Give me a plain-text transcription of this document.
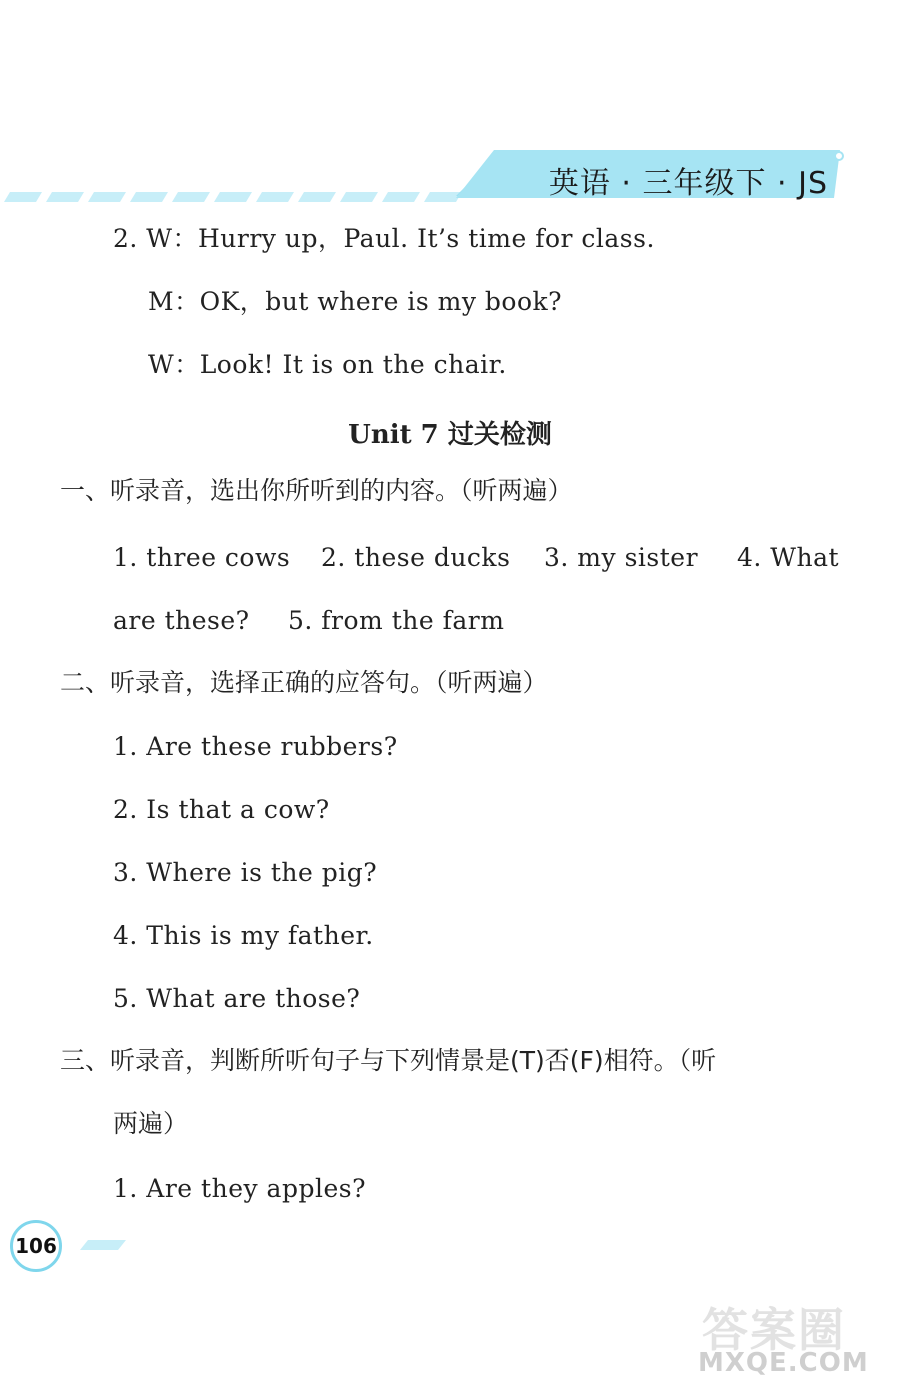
英语 · 三年级下 · JS
2. W：Hurry up，Paul. It’s time for class.
M：OK，but where is my book?
W：Look! It is on the chair.
Unit 7 过关检测
一、听录音，选出你所听到的内容。（听两遍）
1. three cows 2. these ducks 3. my sister 4. What
are these? 5. from the farm
二、听录音，选择正确的应答句。（听两遍）
1. Are these rubbers?
2. Is that a cow?
3. Where is the pig?
4. This is my father.
5. What are those?
三、听录音，判断所听句子与下列情景是(T)否(F)相符。（听
两遍）
1. Are they apples?
106
答案圈
MXQE.COM
